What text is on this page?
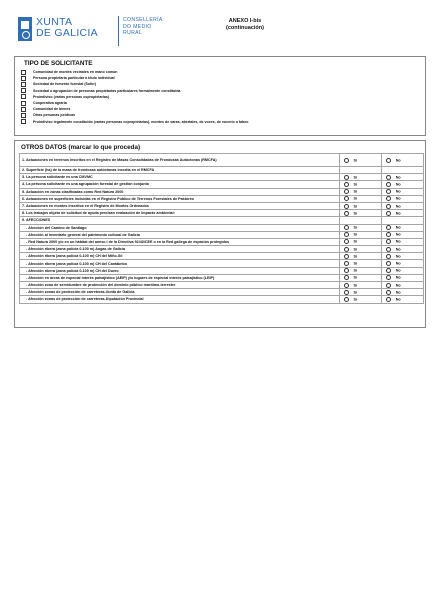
XUNTA
DE GALICIA
CONSELLERÍA
DO MEDIO
RURAL
ANEXO I-bis
(continuación)
TIPO DE SOLICITANTE
Comunidad de montes vecinales en mano común
Persona propietaria particular a título individual
Sociedad de fomento forestal (Sofor)
Sociedad o agrupación de personas propietarias particulares formalmente constituida
Proindiviso (varias personas copropietarias)
Cooperativa agraria
Comunidad de bienes
Otras personas jurídicas
Proindiviso legalmente constituido (varias personas copropietarias), montes de varas, abertales, de voces, de vocerío o fabeo
OTROS DATOS (marcar lo que proceda)
1. Actuaciones en terrenos inscritos en el Registro de Masas Consolidadas de Frondosas Autóctonas (RMCFA)	Sí	No
2. Superficie (ha) de la masa de frondosas autóctonas inscrita en el RMCFA		
3. La persona solicitante es una CMVMC	Sí	No
4. La persona solicitante es una agrupación forestal de gestión conjunta	Sí	No
5. Actuación en zonas clasificadas como Red Natura 2000	Sí	No
6. Actuaciones en superficies incluidas en el Registro Público de Terrenos Forestales de Pastoreo	Sí	No
7. Actuaciones en montes inscritos en el Registro de Montes Ordenados	Sí	No
8. Los trabajos objeto de solicitud de ayuda precisan evaluación de impacto ambiental:	Sí	No
9. AFECCIONES		
- Afección del Camino de Santiago	Sí	No
- Afección al inventario general del patrimonio cultural de Galicia	Sí	No
- Red Natura 2000 y/o en un hábitat del anexo I de la Directiva 92/43/CEE o en la Red gallega de espacios protegidos	Sí	No
- Afección ribera (zona policía 0-100 m) Augas de Galicia	Sí	No
- Afección ribera (zona policía 0-100 m) CH del Miño-Sil	Sí	No
- Afección ribera (zona policía 0-100 m) CH del Cantábrico	Sí	No
- Afección ribera (zona policía 0-100 m) CH del Duero	Sí	No
- Afección en áreas de especial interés paisajístico (AEIP) y/o lugares de especial interés paisajístico (LEIP)	Sí	No
- Afección zona de servidumbre de protección del dominio público marítimo-terrestre	Sí	No
- Afección zonas de protección de carreteras-Xunta de Galicia	Sí	No
- Afección zonas de protección de carreteras-Diputación Provincial	Sí	No
